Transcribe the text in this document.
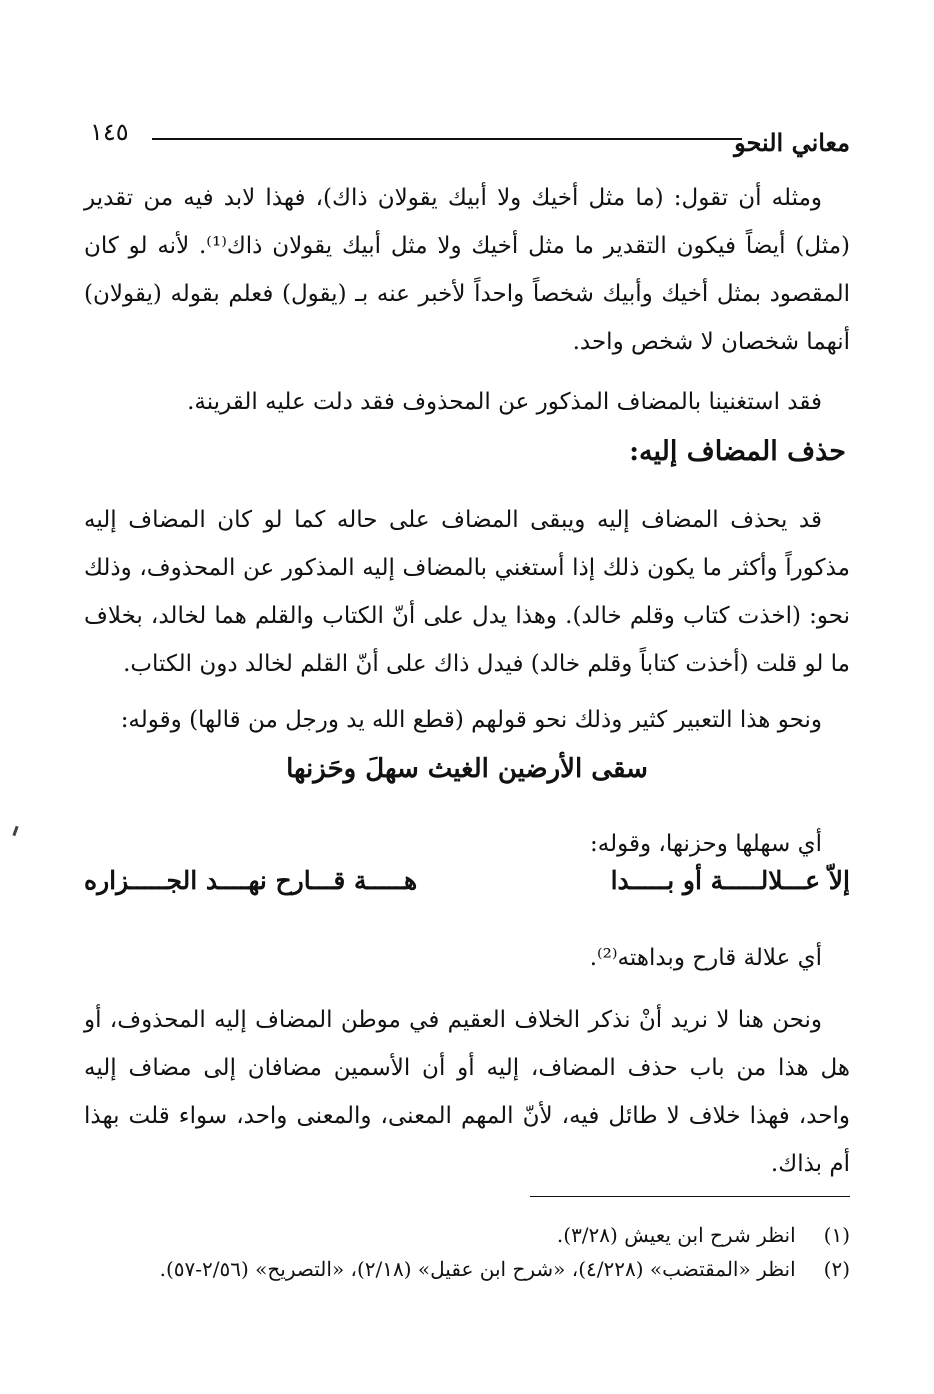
معاني النحو
١٤٥

ومثله أن تقول: (ما مثل أخيك ولا أبيك يقولان ذاك)، فهذا لابد فيه من تقدير (مثل) أيضاً فيكون التقدير ما مثل أخيك ولا مثل أبيك يقولان ذاك⁽¹⁾. لأنه لو كان المقصود بمثل أخيك وأبيك شخصاً واحداً لأخبر عنه بـ (يقول) فعلم بقوله (يقولان) أنهما شخصان لا شخص واحد.

فقد استغنينا بالمضاف المذكور عن المحذوف فقد دلت عليه القرينة.

حذف المضاف إليه:

قد يحذف المضاف إليه ويبقى المضاف على حاله كما لو كان المضاف إليه مذكوراً وأكثر ما يكون ذلك إذا أستغني بالمضاف إليه المذكور عن المحذوف، وذلك نحو: (اخذت كتاب وقلم خالد). وهذا يدل على أنّ الكتاب والقلم هما لخالد، بخلاف ما لو قلت (أخذت كتاباً وقلم خالد) فيدل ذاك على أنّ القلم لخالد دون الكتاب.

ونحو هذا التعبير كثير وذلك نحو قولهم (قطع الله يد ورجل من قالها) وقوله:

سقى الأرضين الغيث سهلَ وحَزنها

أي سهلها وحزنها، وقوله:

إلاّ عـــلالـــــة أو بـــــدا
هـــــة قـــارح نهــــد الجـــــزاره

أي علالة قارح وبداهته⁽²⁾.

ونحن هنا لا نريد أنْ نذكر الخلاف العقيم في موطن المضاف إليه المحذوف، أو هل هذا من باب حذف المضاف، إليه أو أن الأسمين مضافان إلى مضاف إليه واحد، فهذا خلاف لا طائل فيه، لأنّ المهم المعنى، والمعنى واحد، سواء قلت بهذا أم بذاك.

(١) انظر شرح ابن يعيش (٣/٢٨).

(٢) انظر «المقتضب» (٤/٢٢٨)، «شرح ابن عقيل» (٢/١٨)، «التصريح» (٢/٥٦-٥٧).
